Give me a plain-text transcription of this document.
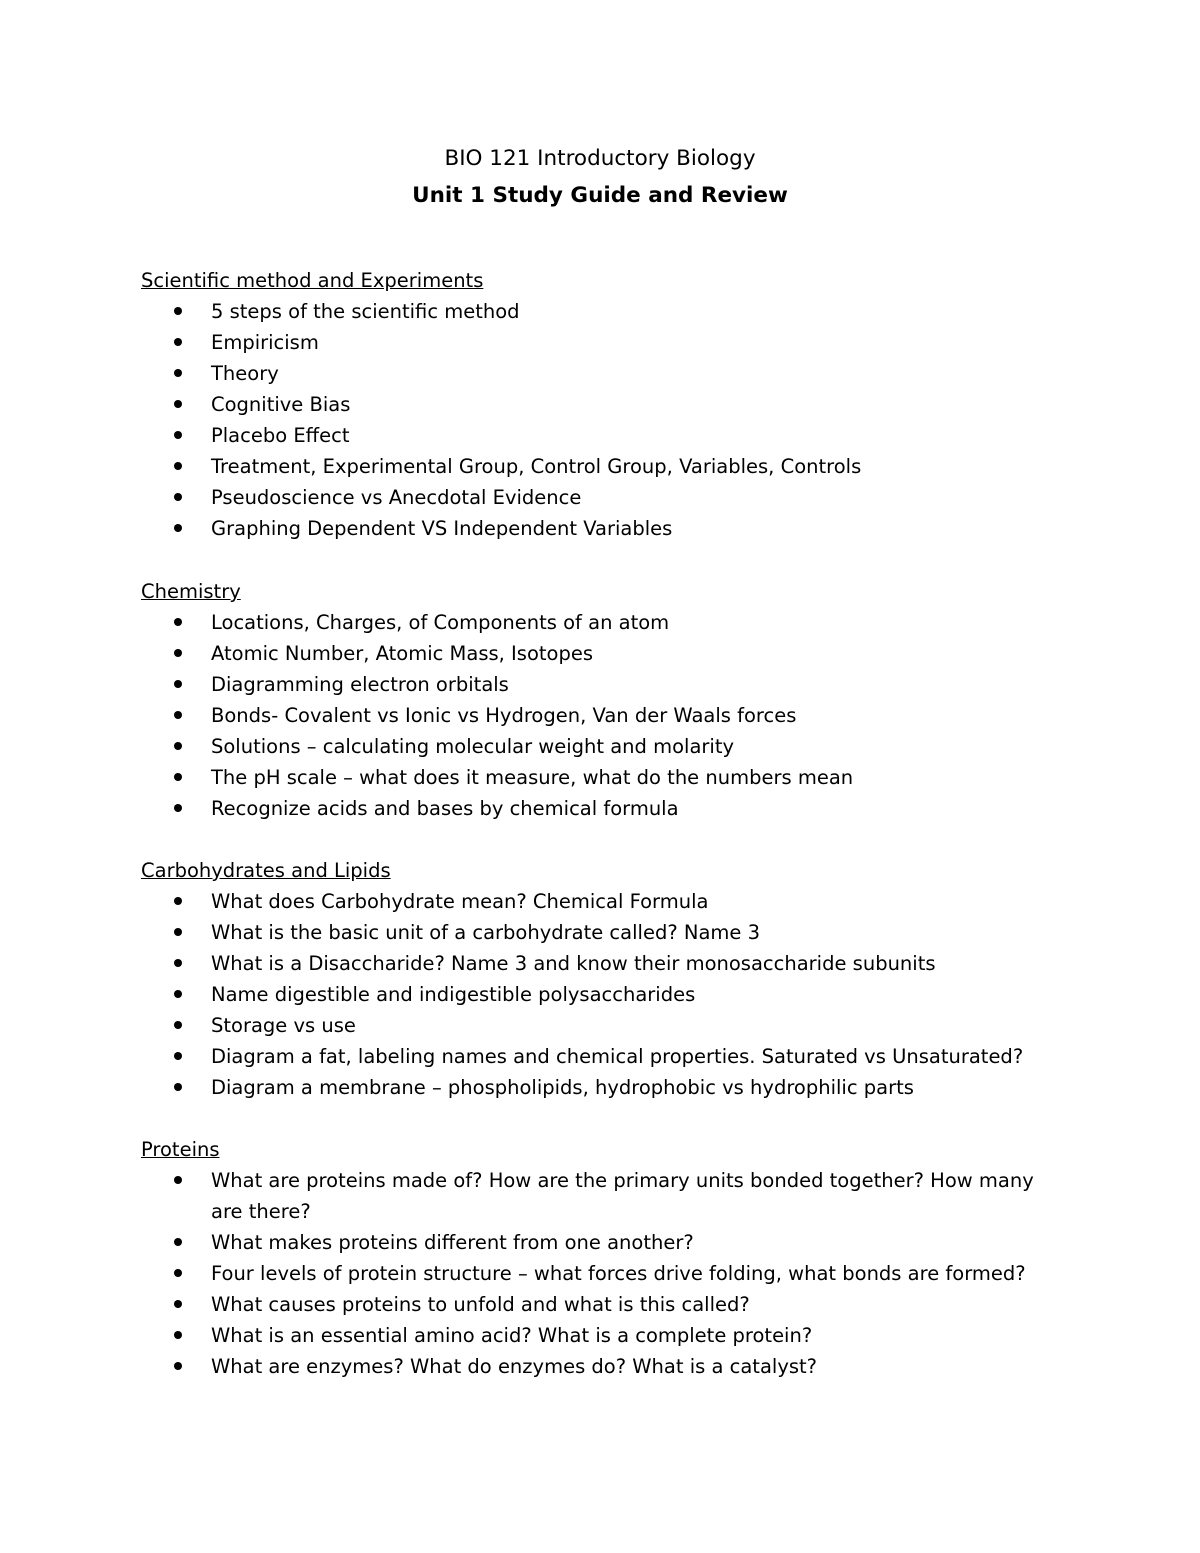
BIO 121 Introductory Biology
Unit 1 Study Guide and Review
Scientific method and Experiments
5 steps of the scientific method
Empiricism
Theory
Cognitive Bias
Placebo Effect
Treatment, Experimental Group, Control Group, Variables, Controls
Pseudoscience vs Anecdotal Evidence
Graphing Dependent VS Independent Variables
Chemistry
Locations, Charges, of Components of an atom
Atomic Number, Atomic Mass, Isotopes
Diagramming electron orbitals
Bonds- Covalent vs Ionic vs Hydrogen, Van der Waals forces
Solutions – calculating molecular weight and molarity
The pH scale – what does it measure, what do the numbers mean
Recognize acids and bases by chemical formula
Carbohydrates and Lipids
What does Carbohydrate mean? Chemical Formula
What is the basic unit of a carbohydrate called? Name 3
What is a Disaccharide? Name 3 and know their monosaccharide subunits
Name digestible and indigestible polysaccharides
Storage vs use
Diagram a fat, labeling names and chemical properties. Saturated vs Unsaturated?
Diagram a membrane – phospholipids, hydrophobic vs hydrophilic parts
Proteins
What are proteins made of? How are the primary units bonded together? How many are there?
What makes proteins different from one another?
Four levels of protein structure – what forces drive folding, what bonds are formed?
What causes proteins to unfold and what is this called?
What is an essential amino acid? What is a complete protein?
What are enzymes? What do enzymes do? What is a catalyst?
